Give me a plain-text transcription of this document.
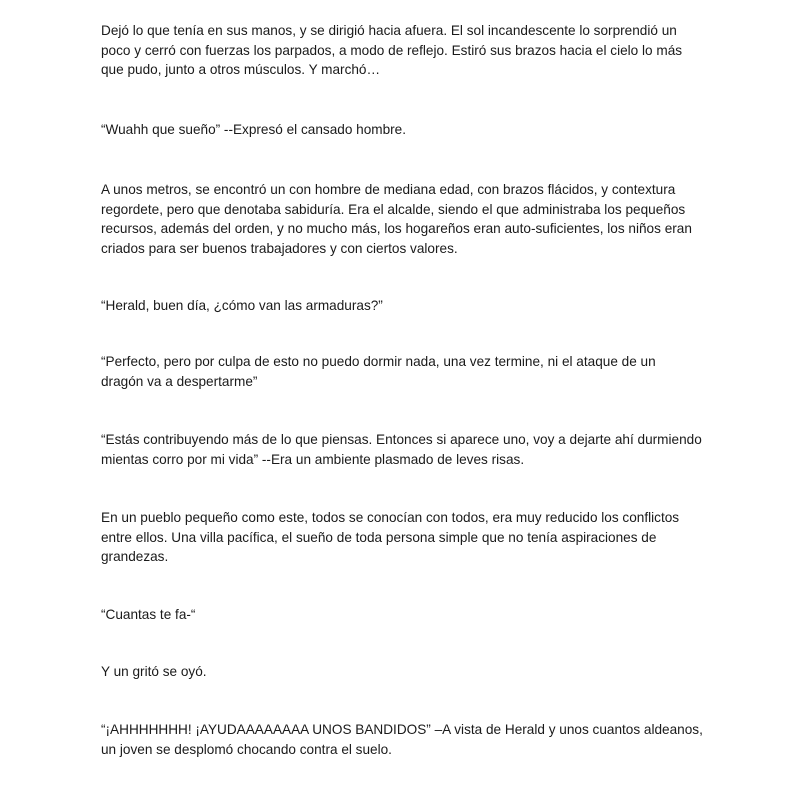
Dejó lo que tenía en sus manos, y se dirigió hacia afuera. El sol incandescente lo sorprendió un
poco y cerró con fuerzas los parpados, a modo de reflejo. Estiró sus brazos hacia el cielo lo más
que pudo, junto a otros músculos. Y marchó…

“Wuahh que sueño” --Expresó el cansado hombre.

A unos metros, se encontró un con hombre de mediana edad, con brazos flácidos, y contextura
regordete, pero que denotaba sabiduría. Era el alcalde, siendo el que administraba los pequeños
recursos, además del orden, y no mucho más, los hogareños eran auto-suficientes, los niños eran
criados para ser buenos trabajadores y con ciertos valores.

“Herald, buen día, ¿cómo van las armaduras?”

“Perfecto, pero por culpa de esto no puedo dormir nada, una vez termine, ni el ataque de un
dragón va a despertarme”

“Estás contribuyendo más de lo que piensas. Entonces si aparece uno, voy a dejarte ahí durmiendo
mientas corro por mi vida” --Era un ambiente plasmado de leves risas.

En un pueblo pequeño como este, todos se conocían con todos, era muy reducido los conflictos
entre ellos. Una villa pacífica, el sueño de toda persona simple que no tenía aspiraciones de
grandezas.

“Cuantas te fa-“

Y un gritó se oyó.

“¡AHHHHHHH! ¡AYUDAAAAAAAA UNOS BANDIDOS” –A vista de Herald y unos cuantos aldeanos,
un joven se desplomó chocando contra el suelo.
